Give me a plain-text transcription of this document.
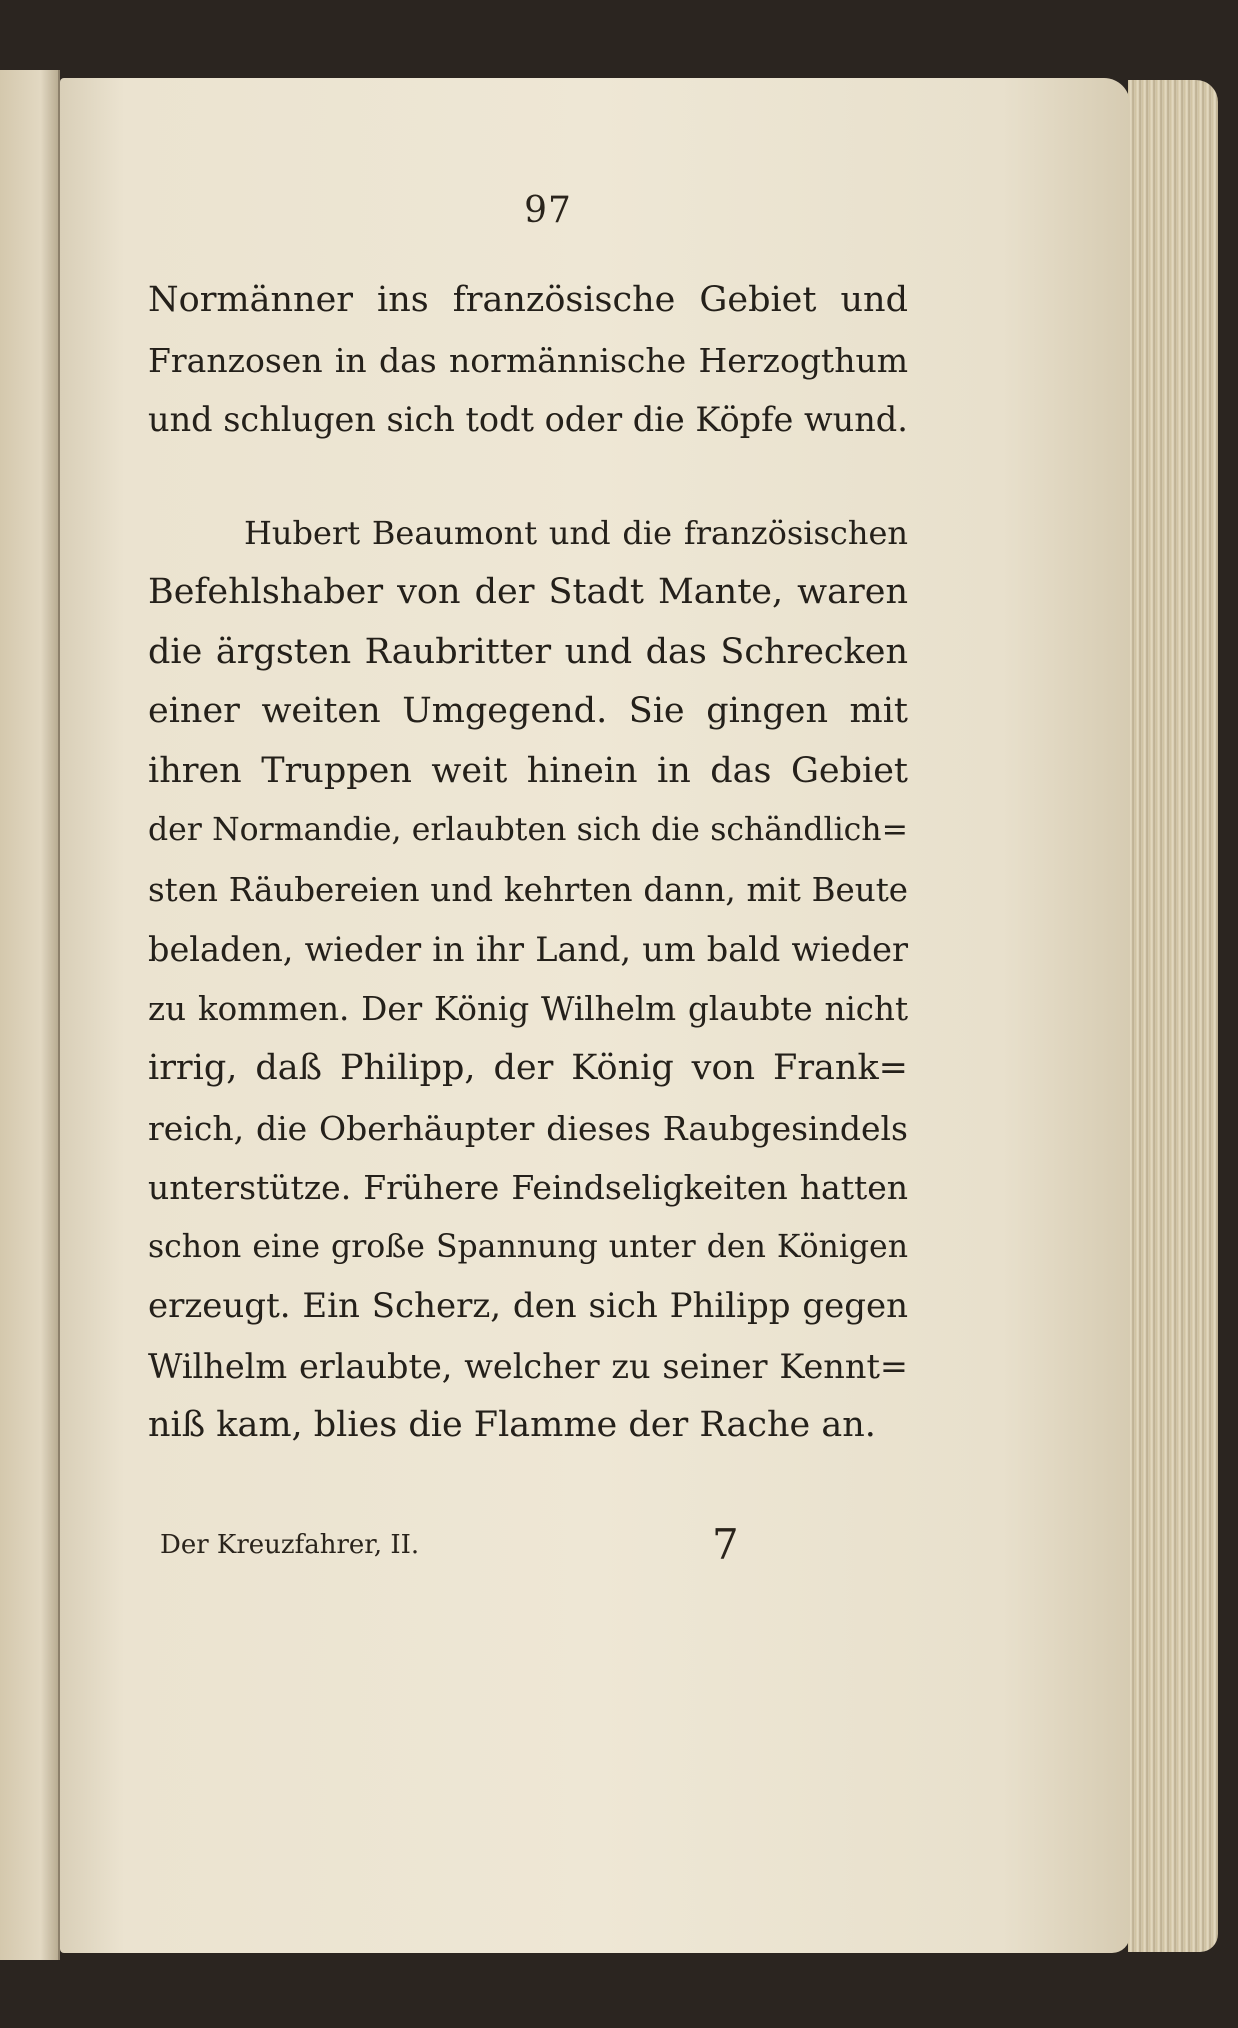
97

Normänner ins französische Gebiet und
Franzosen in das normännische Herzogthum
und schlugen sich todt oder die Köpfe wund.

Hubert Beaumont und die französischen
Befehlshaber von der Stadt Mante, waren
die ärgsten Raubritter und das Schrecken
einer weiten Umgegend. Sie gingen mit
ihren Truppen weit hinein in das Gebiet
der Normandie, erlaubten sich die schändlich=
sten Räubereien und kehrten dann, mit Beute
beladen, wieder in ihr Land, um bald wieder
zu kommen. Der König Wilhelm glaubte nicht
irrig, daß Philipp, der König von Frank=
reich, die Oberhäupter dieses Raubgesindels
unterstütze. Frühere Feindseligkeiten hatten
schon eine große Spannung unter den Königen
erzeugt. Ein Scherz, den sich Philipp gegen
Wilhelm erlaubte, welcher zu seiner Kennt=
niß kam, blies die Flamme der Rache an.

Der Kreuzfahrer, II.	7
